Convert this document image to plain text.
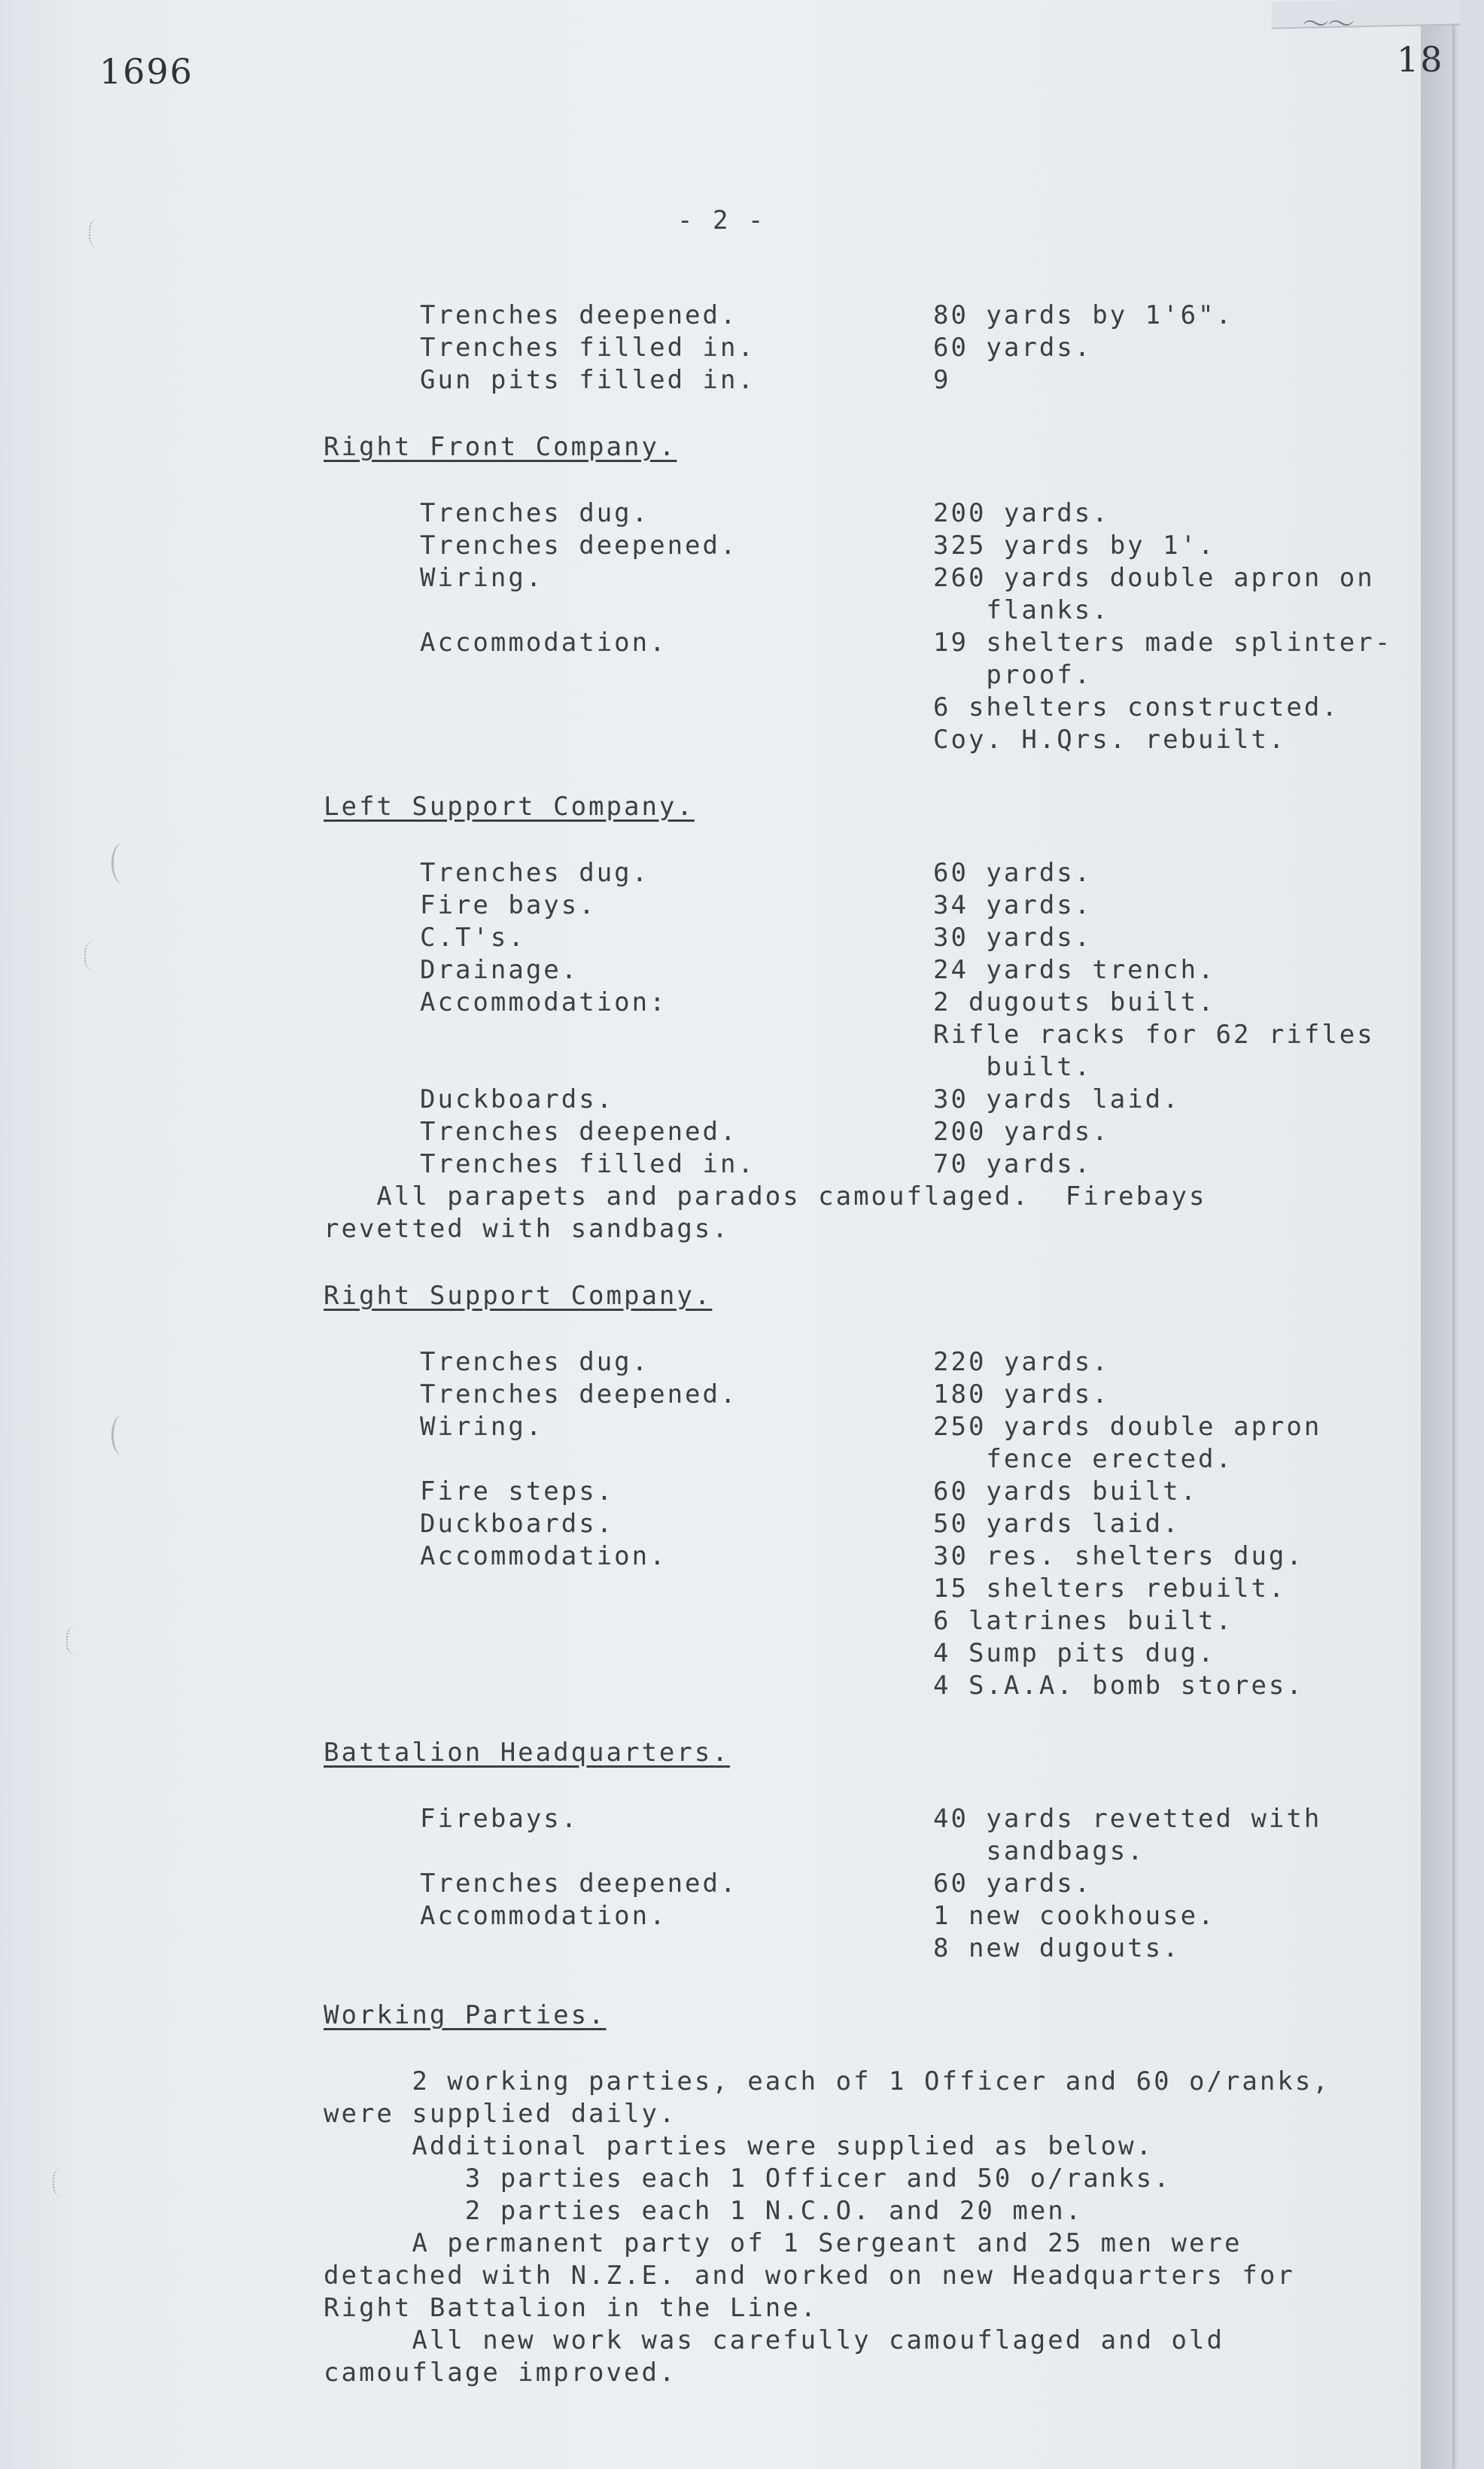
〜〜
1696	18
- 2 -
Trenches deepened.	80 yards by 1'6".
Trenches filled in.	60 yards.
Gun pits filled in.	9
Right Front Company.
Trenches dug.	200 yards.
Trenches deepened.	325 yards by 1'.
Wiring.	260 yards double apron on
flanks.
Accommodation.	19 shelters made splinter-
proof.
6 shelters constructed.
Coy. H.Qrs. rebuilt.
Left Support Company.
Trenches dug.	60 yards.
Fire bays.	34 yards.
C.T's.	30 yards.
Drainage.	24 yards trench.
Accommodation:	2 dugouts built.
Rifle racks for 62 rifles
built.
Duckboards.	30 yards laid.
Trenches deepened.	200 yards.
Trenches filled in.	70 yards.
All parapets and parados camouflaged.  Firebays
revetted with sandbags.
Right Support Company.
Trenches dug.	220 yards.
Trenches deepened.	180 yards.
Wiring.	250 yards double apron
fence erected.
Fire steps.	60 yards built.
Duckboards.	50 yards laid.
Accommodation.	30 res. shelters dug.
15 shelters rebuilt.
6 latrines built.
4 Sump pits dug.
4 S.A.A. bomb stores.
Battalion Headquarters.
Firebays.	40 yards revetted with
sandbags.
Trenches deepened.	60 yards.
Accommodation.	1 new cookhouse.
8 new dugouts.
Working Parties.
2 working parties, each of 1 Officer and 60 o/ranks,
were supplied daily.
Additional parties were supplied as below.
3 parties each 1 Officer and 50 o/ranks.
2 parties each 1 N.C.O. and 20 men.
A permanent party of 1 Sergeant and 25 men were
detached with N.Z.E. and worked on new Headquarters for
Right Battalion in the Line.
All new work was carefully camouflaged and old
camouflage improved.
